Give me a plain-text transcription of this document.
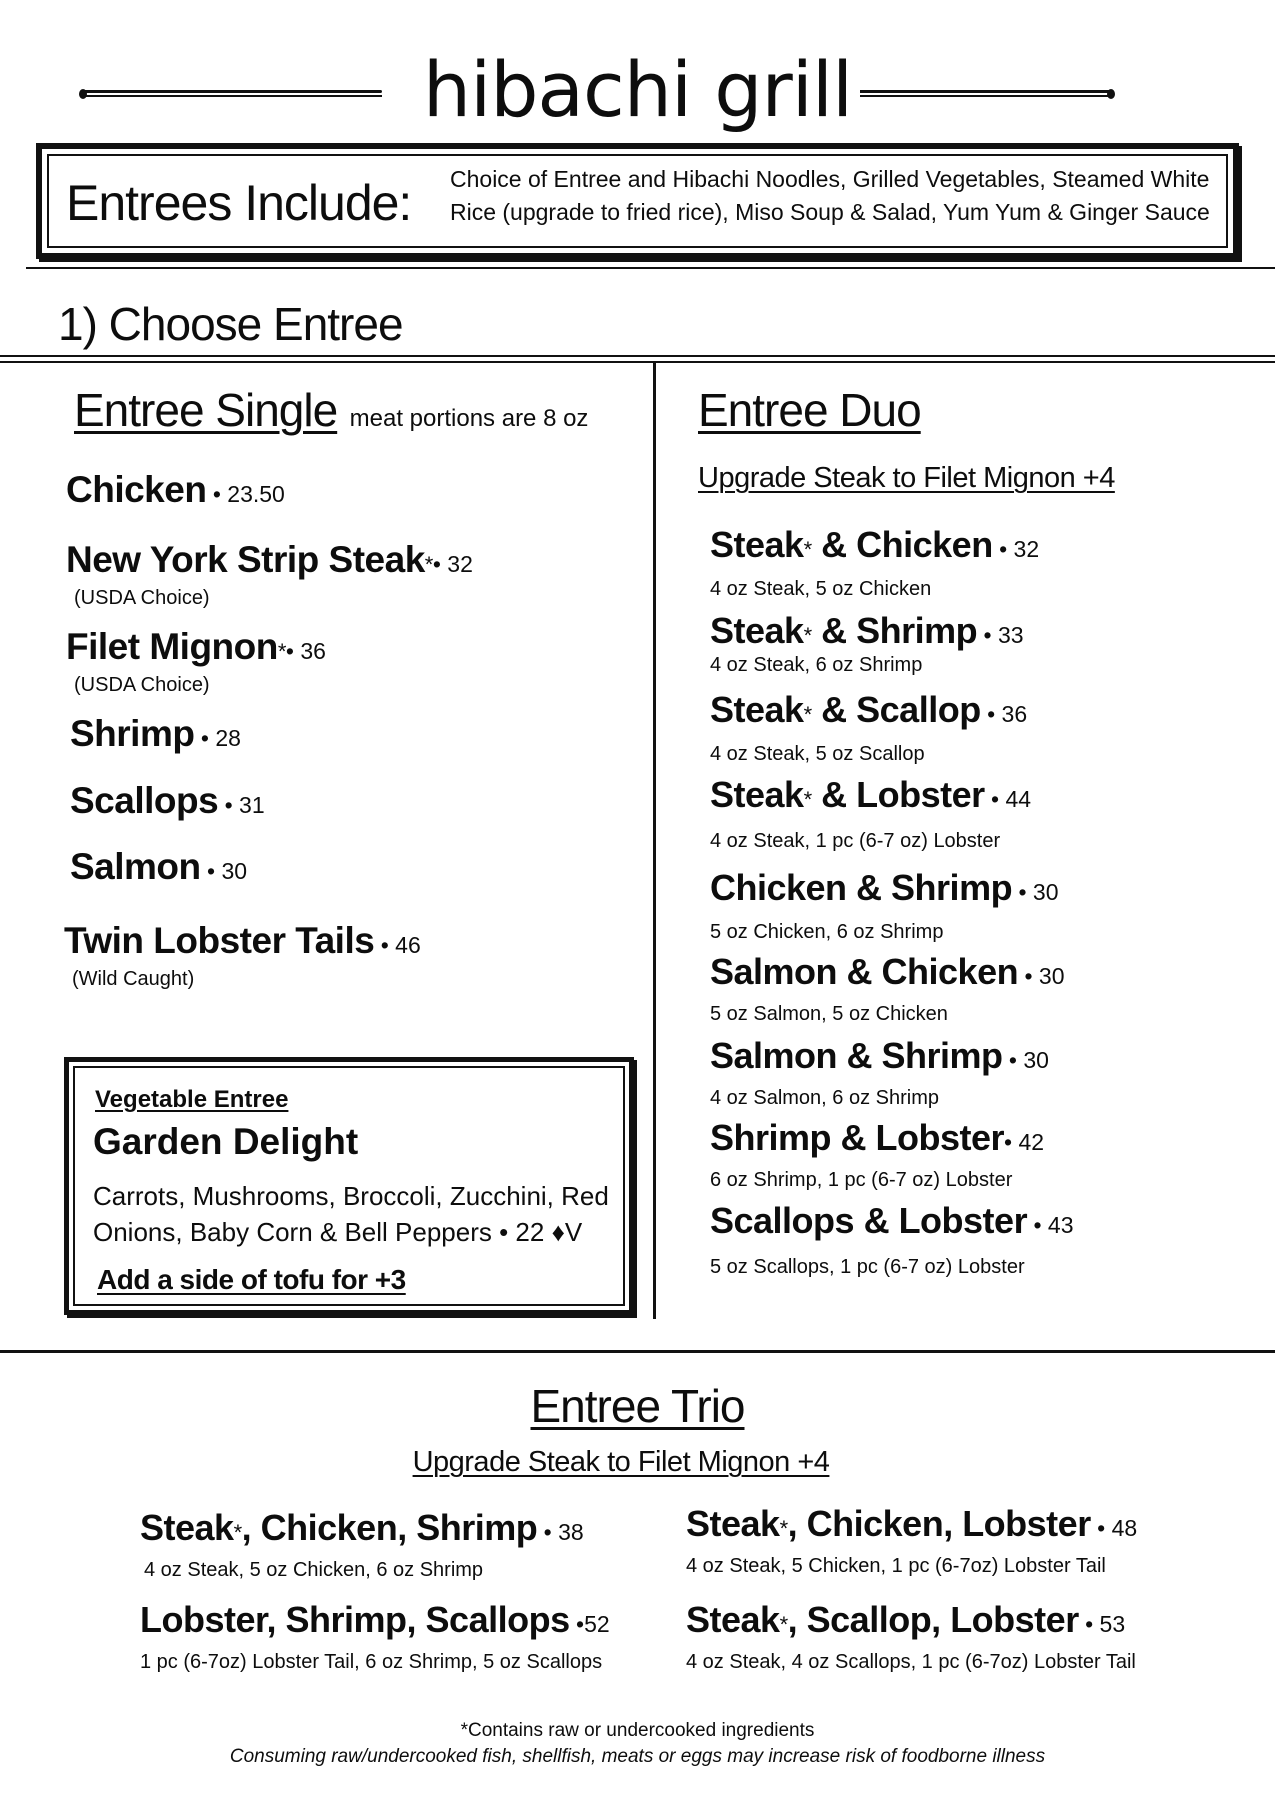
hibachi grill
Entrees Include: Choice of Entree and Hibachi Noodles, Grilled Vegetables, Steamed White Rice (upgrade to fried rice), Miso Soup & Salad, Yum Yum & Ginger Sauce
1) Choose Entree
Entree Single meat portions are 8 oz
Chicken • 23.50
New York Strip Steak*• 32
(USDA Choice)
Filet Mignon*• 36
(USDA Choice)
Shrimp • 28
Scallops • 31
Salmon • 30
Twin Lobster Tails • 46
(Wild Caught)
Vegetable Entree
Garden Delight
Carrots, Mushrooms, Broccoli, Zucchini, Red Onions, Baby Corn & Bell Peppers • 22 ♦V
Add a side of tofu for +3
Entree Duo
Upgrade Steak to Filet Mignon +4
Steak* & Chicken • 32
4 oz Steak, 5 oz Chicken
Steak* & Shrimp • 33
4 oz Steak, 6 oz Shrimp
Steak* & Scallop • 36
4 oz Steak, 5 oz Scallop
Steak* & Lobster • 44
4 oz Steak, 1 pc (6-7 oz) Lobster
Chicken & Shrimp • 30
5 oz Chicken, 6 oz Shrimp
Salmon & Chicken • 30
5 oz Salmon, 5 oz Chicken
Salmon & Shrimp • 30
4 oz Salmon, 6 oz Shrimp
Shrimp & Lobster• 42
6 oz Shrimp, 1 pc (6-7 oz) Lobster
Scallops & Lobster • 43
5 oz Scallops, 1 pc (6-7 oz) Lobster
Entree Trio
Upgrade Steak to Filet Mignon +4
Steak*, Chicken, Shrimp • 38
4 oz Steak, 5 oz Chicken, 6 oz Shrimp
Steak*, Chicken, Lobster • 48
4 oz Steak, 5 Chicken, 1 pc (6-7oz) Lobster Tail
Lobster, Shrimp, Scallops •52
1 pc (6-7oz) Lobster Tail, 6 oz Shrimp, 5 oz Scallops
Steak*, Scallop, Lobster • 53
4 oz Steak, 4 oz Scallops, 1 pc (6-7oz) Lobster Tail
*Contains raw or undercooked ingredients
Consuming raw/undercooked fish, shellfish, meats or eggs may increase risk of foodborne illness
